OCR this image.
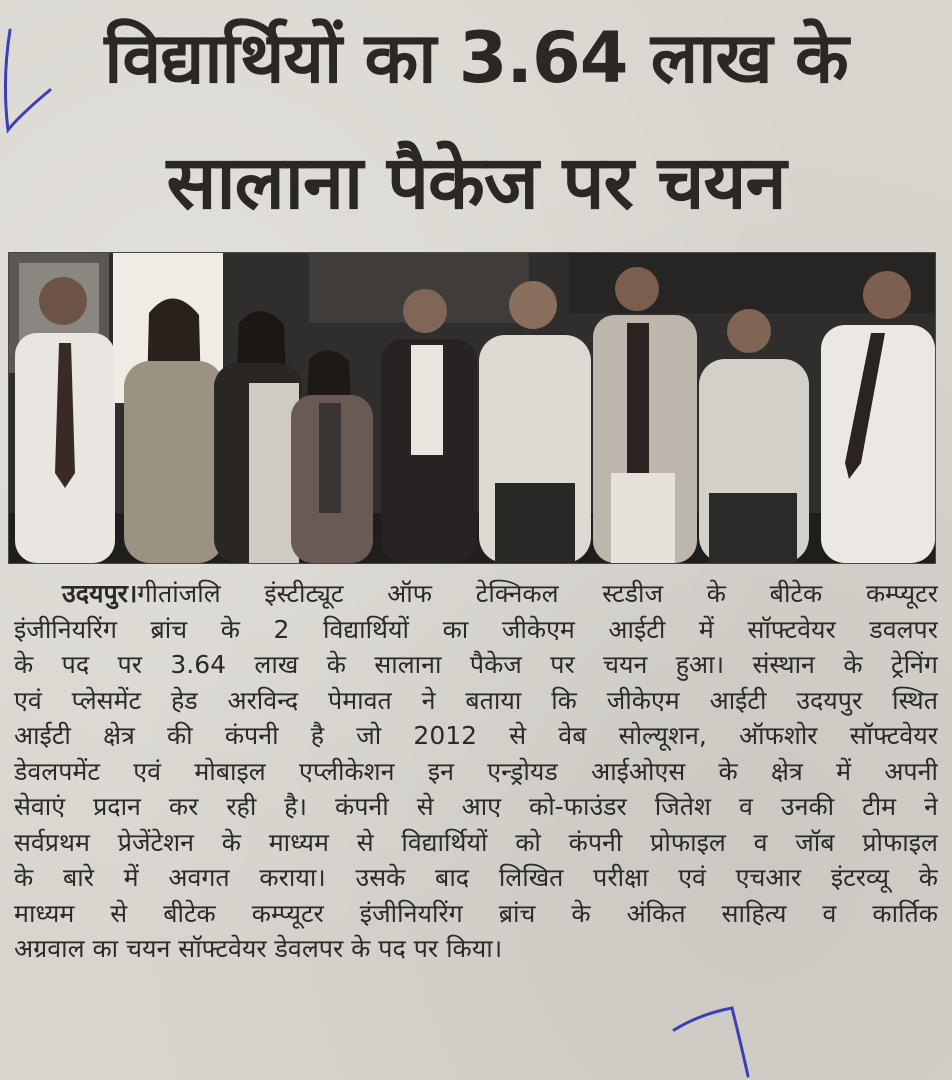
विद्यार्थियों का 3.64 लाख के
सालाना पैकेज पर चयन
उदयपुर।गीतांजलि इंस्टीट्यूट ऑफ टेक्निकल स्टडीज के बीटेक कम्प्यूटर
इंजीनियरिंग ब्रांच के 2 विद्यार्थियों का जीकेएम आईटी में सॉफ्टवेयर डवलपर
के पद पर 3.64 लाख के सालाना पैकेज पर चयन हुआ। संस्थान के ट्रेनिंग
एवं प्लेसमेंट हेड अरविन्द पेमावत ने बताया कि जीकेएम आईटी उदयपुर स्थित
आईटी क्षेत्र की कंपनी है जो 2012 से वेब सोल्यूशन, ऑफशोर सॉफ्टवेयर
डेवलपमेंट एवं मोबाइल एप्लीकेशन इन एन्ड्रोयड आईओएस के क्षेत्र में अपनी
सेवाएं प्रदान कर रही है। कंपनी से आए को-फाउंडर जितेश व उनकी टीम ने
सर्वप्रथम प्रेजेंटेशन के माध्यम से विद्यार्थियों को कंपनी प्रोफाइल व जॉब प्रोफाइल
के बारे में अवगत कराया। उसके बाद लिखित परीक्षा एवं एचआर इंटरव्यू के
माध्यम से बीटेक कम्प्यूटर इंजीनियरिंग ब्रांच के अंकित साहित्य व कार्तिक
अग्रवाल का चयन सॉफ्टवेयर डेवलपर के पद पर किया।
